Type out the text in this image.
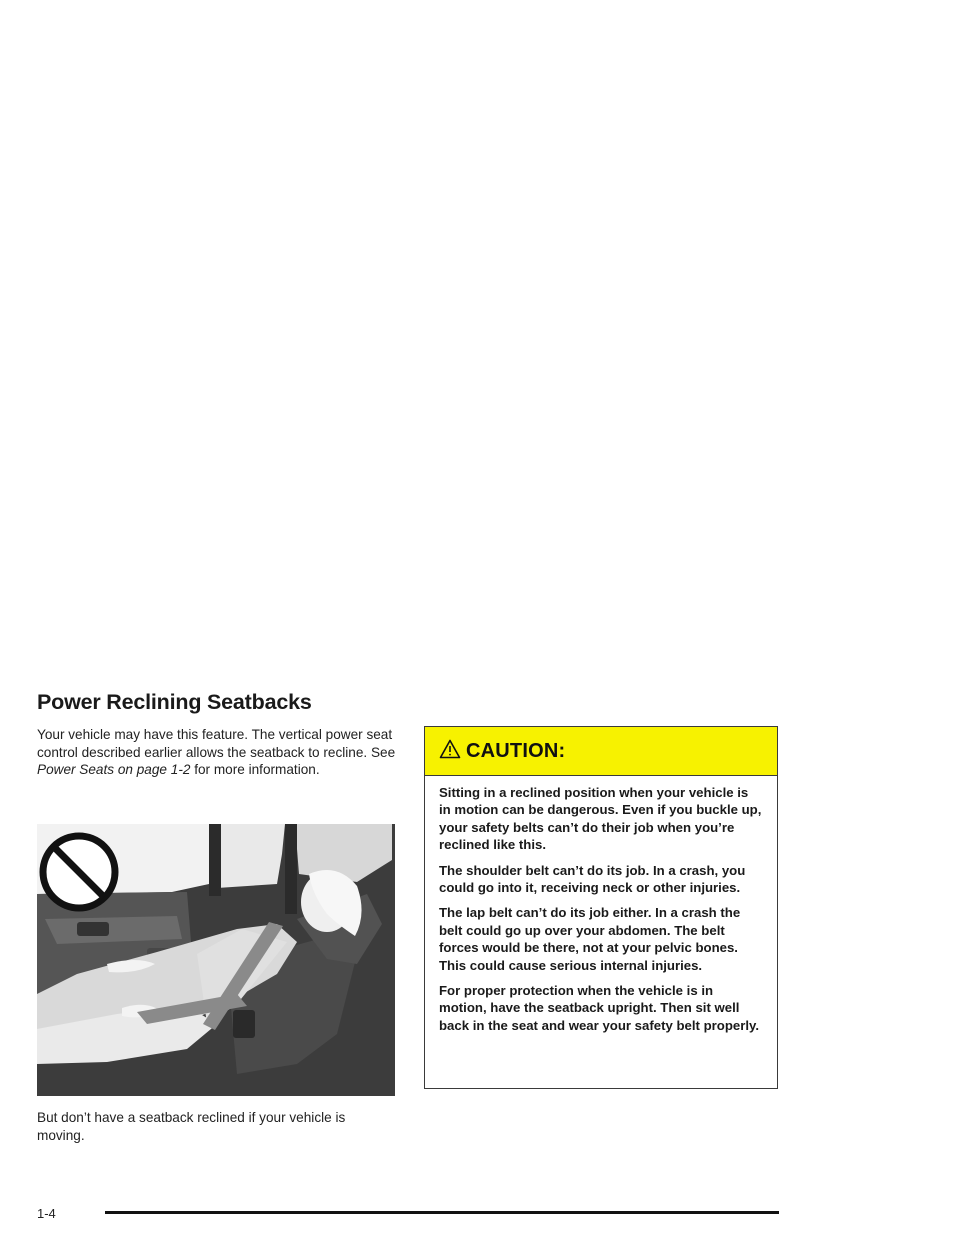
Power Reclining Seatbacks

Your vehicle may have this feature. The vertical power seat control described earlier allows the seatback to recline. See Power Seats on page 1-2 for more information.

But don’t have a seatback reclined if your vehicle is moving.

CAUTION:

Sitting in a reclined position when your vehicle is in motion can be dangerous. Even if you buckle up, your safety belts can’t do their job when you’re reclined like this.

The shoulder belt can’t do its job. In a crash, you could go into it, receiving neck or other injuries.

The lap belt can’t do its job either. In a crash the belt could go up over your abdomen. The belt forces would be there, not at your pelvic bones. This could cause serious internal injuries.

For proper protection when the vehicle is in motion, have the seatback upright. Then sit well back in the seat and wear your safety belt properly.

1-4
